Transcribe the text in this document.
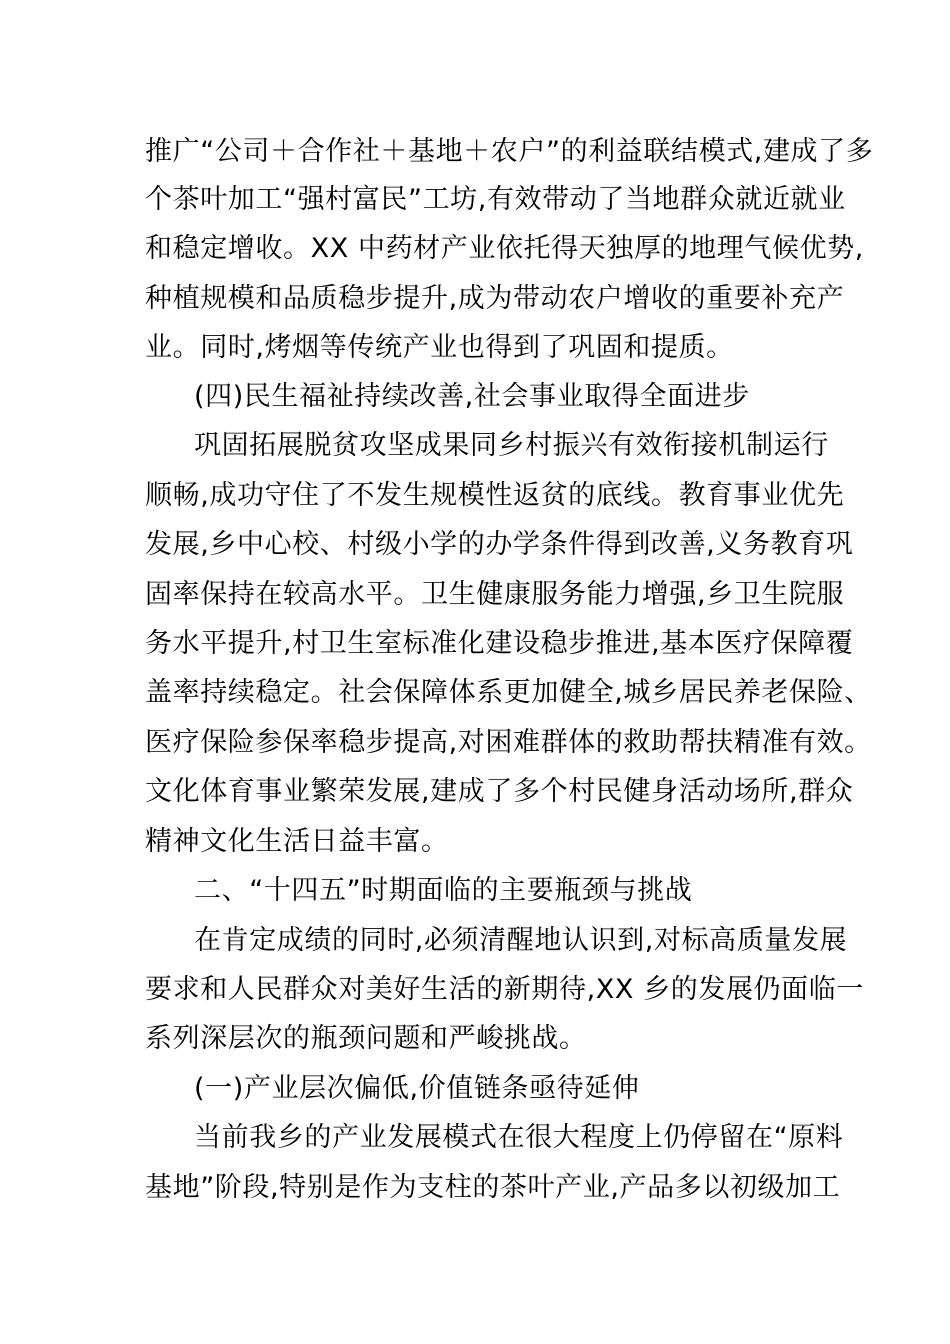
推广“公司＋合作社＋基地＋农户”的利益联结模式,建成了多
个茶叶加工“强村富民”工坊,有效带动了当地群众就近就业
和稳定增收。XX 中药材产业依托得天独厚的地理气候优势,
种植规模和品质稳步提升,成为带动农户增收的重要补充产
业。同时,烤烟等传统产业也得到了巩固和提质。
(四)民生福祉持续改善,社会事业取得全面进步
巩固拓展脱贫攻坚成果同乡村振兴有效衔接机制运行
顺畅,成功守住了不发生规模性返贫的底线。教育事业优先
发展,乡中心校、村级小学的办学条件得到改善,义务教育巩
固率保持在较高水平。卫生健康服务能力增强,乡卫生院服
务水平提升,村卫生室标准化建设稳步推进,基本医疗保障覆
盖率持续稳定。社会保障体系更加健全,城乡居民养老保险、
医疗保险参保率稳步提高,对困难群体的救助帮扶精准有效。
文化体育事业繁荣发展,建成了多个村民健身活动场所,群众
精神文化生活日益丰富。
二、“十四五”时期面临的主要瓶颈与挑战
在肯定成绩的同时,必须清醒地认识到,对标高质量发展
要求和人民群众对美好生活的新期待,XX 乡的发展仍面临一
系列深层次的瓶颈问题和严峻挑战。
(一)产业层次偏低,价值链条亟待延伸
当前我乡的产业发展模式在很大程度上仍停留在“原料
基地”阶段,特别是作为支柱的茶叶产业,产品多以初级加工
